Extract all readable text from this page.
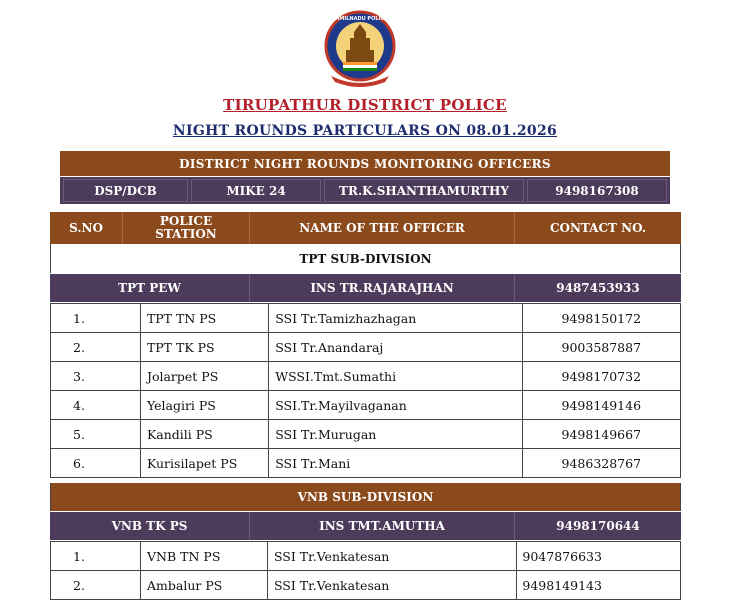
TAMILNADU POLICE
TIRUPATHUR DISTRICT POLICE
NIGHT ROUNDS PARTICULARS ON 08.01.2026
DISTRICT NIGHT ROUNDS MONITORING OFFICERS
DSP/DCB	MIKE 24	TR.K.SHANTHAMURTHY	9498167308
S.NO	POLICE STATION	NAME OF THE OFFICER	CONTACT NO.
TPT SUB-DIVISION
TPT PEW	INS TR.RAJARAJHAN	9487453933
1.	TPT TN PS	SSI Tr.Tamizhazhagan	9498150172
2.	TPT TK PS	SSI Tr.Anandaraj	9003587887
3.	Jolarpet PS	WSSI.Tmt.Sumathi	9498170732
4.	Yelagiri PS	SSI.Tr.Mayilvaganan	9498149146
5.	Kandili PS	SSI Tr.Murugan	9498149667
6.	Kurisilapet PS	SSI Tr.Mani	9486328767
VNB SUB-DIVISION
VNB TK PS	INS TMT.AMUTHA	9498170644
1.	VNB TN PS	SSI Tr.Venkatesan	9047876633
2.	Ambalur PS	SSI Tr.Venkatesan	9498149143
